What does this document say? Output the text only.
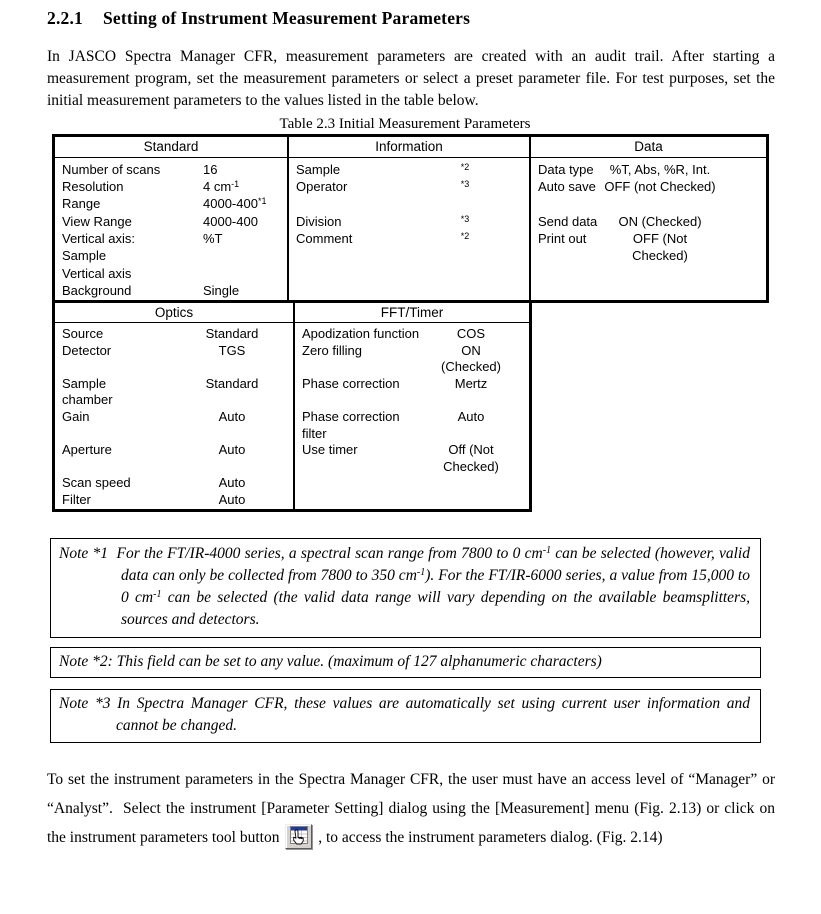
2.2.1 Setting of Instrument Measurement Parameters

In JASCO Spectra Manager CFR, measurement parameters are created with an audit trail. After starting a measurement program, set the measurement parameters or select a preset parameter file. For test purposes, set the initial measurement parameters to the values listed in the table below.

Table 2.3 Initial Measurement Parameters
Standard
Number of scans	16
Resolution	4 $cm^{-1}$
Range	4000-400$^{*1}$
View Range	4000-400
Vertical axis:	%T
Sample
Vertical axis
Background	Single
Information
Sample	$^{*2}$
Operator	$^{*3}$
Division	$^{*3}$
Comment	$^{*2}$
Data
Data type	%T, Abs, %R, Int.
Auto save OFF (not Checked)
Send data	ON (Checked)
Print out	OFF (Not
Checked)

Optics
Source	Standard
Detector	TGS
Sample	Standard
chamber
Gain	Auto
Aperture	Auto
Scan speed	Auto
Filter	Auto
FFT/Timer
Apodization function	COS
Zero filling	ON
(Checked)
Phase correction	Mertz
Phase correction	Auto
filter
Use timer	Off (Not
Checked)
Note *1  For the FT/IR-4000 series, a spectral scan range from 7800 to 0 $cm^{-1}$ can be selected (however, valid data can only be collected from 7800 to 350 $cm^{-1}$). For the FT/IR-6000 series, a value from 15,000 to 0 $cm^{-1}$ can be selected (the valid data range will vary depending on the available beamsplitters, sources and detectors.
Note *2: This field can be set to any value. (maximum of 127 alphanumeric characters)
Note *3 In Spectra Manager CFR, these values are automatically set using current user information and cannot be changed.

To set the instrument parameters in the Spectra Manager CFR, the user must have an access level of “Manager” or “Analyst”.  Select the instrument [Parameter Setting] dialog using the [Measurement] menu (Fig. 2.13) or click on the instrument parameters tool button
, to access the instrument parameters dialog. (Fig. 2.14)
